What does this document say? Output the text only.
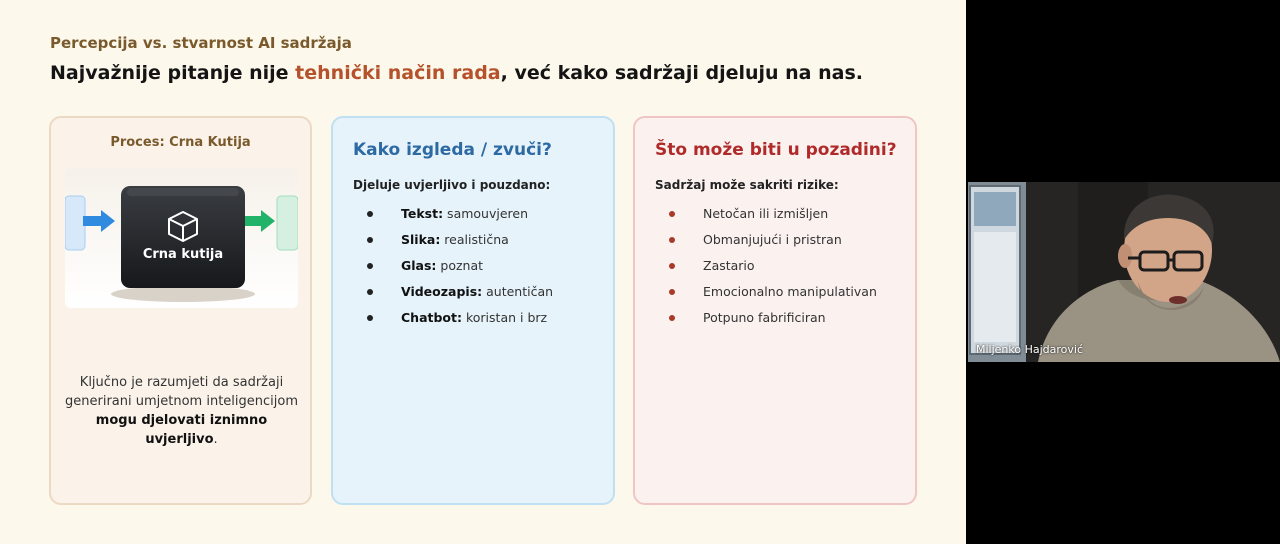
Percepcija vs. stvarnost AI sadržaja
Najvažnije pitanje nije tehnički način rada, već kako sadržaji djeluju na nas.
Proces: Crna Kutija
Crna kutija
Ključno je razumjeti da sadržaji generirani umjetnom inteligencijom mogu djelovati iznimno uvjerljivo.
Kako izgleda / zvuči?
Djeluje uvjerljivo i pouzdano:
Tekst: samouvjeren
Slika: realistična
Glas: poznat
Videozapis: autentičan
Chatbot: koristan i brz
Što može biti u pozadini?
Sadržaj može sakriti rizike:
Netočan ili izmišljen
Obmanjujući i pristran
Zastario
Emocionalno manipulativan
Potpuno fabrificiran
Miljenko Hajdarović
